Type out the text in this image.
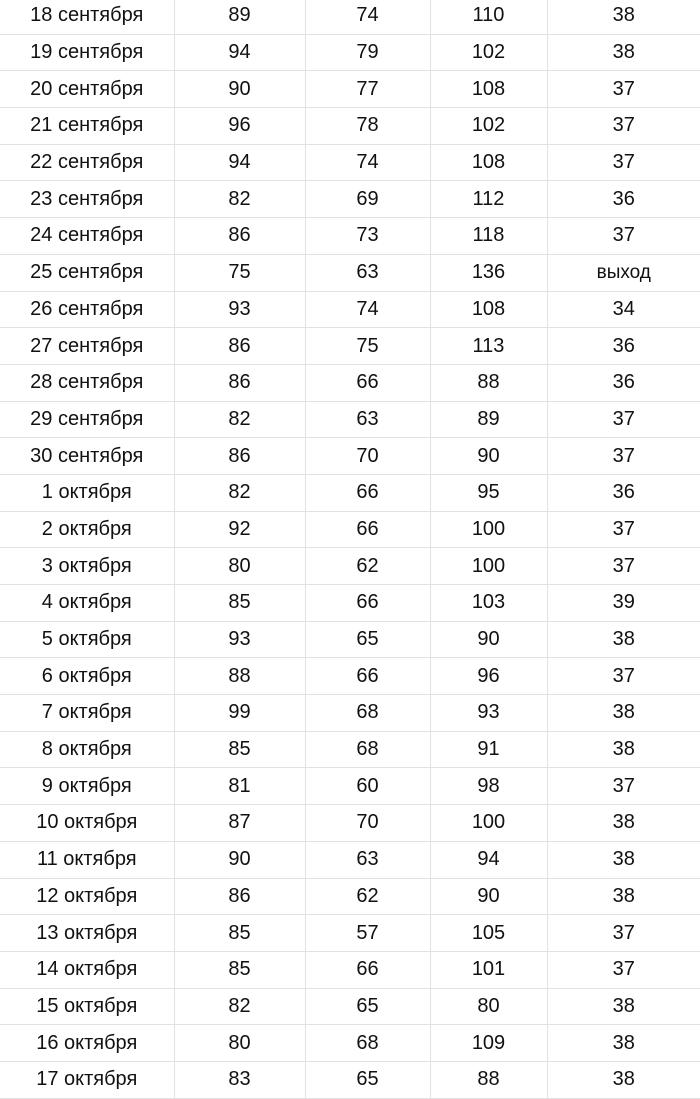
18 сентября	89	74	110	38
19 сентября	94	79	102	38
20 сентября	90	77	108	37
21 сентября	96	78	102	37
22 сентября	94	74	108	37
23 сентября	82	69	112	36
24 сентября	86	73	118	37
25 сентября	75	63	136	выход
26 сентября	93	74	108	34
27 сентября	86	75	113	36
28 сентября	86	66	88	36
29 сентября	82	63	89	37
30 сентября	86	70	90	37
1 октября	82	66	95	36
2 октября	92	66	100	37
3 октября	80	62	100	37
4 октября	85	66	103	39
5 октября	93	65	90	38
6 октября	88	66	96	37
7 октября	99	68	93	38
8 октября	85	68	91	38
9 октября	81	60	98	37
10 октября	87	70	100	38
11 октября	90	63	94	38
12 октября	86	62	90	38
13 октября	85	57	105	37
14 октября	85	66	101	37
15 октября	82	65	80	38
16 октября	80	68	109	38
17 октября	83	65	88	38
